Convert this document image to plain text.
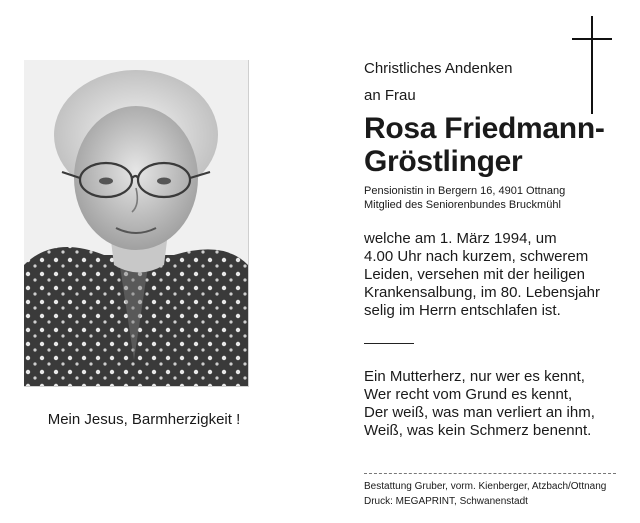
Mein Jesus, Barmherzigkeit !
Christliches Andenken
an Frau
Rosa Friedmann-Gröstlinger
Pensionistin in Bergern 16, 4901 Ottnang
Mitglied des Seniorenbundes Bruckmühl
welche am 1. März 1994, um
4.00 Uhr nach kurzem, schwerem
Leiden, versehen mit der heiligen
Krankensalbung, im 80. Lebensjahr
selig im Herrn entschlafen ist.
Ein Mutterherz, nur wer es kennt,
Wer recht vom Grund es kennt,
Der weiß, was man verliert an ihm,
Weiß, was kein Schmerz benennt.
Bestattung Gruber, vorm. Kienberger, Atzbach/Ottnang
Druck: MEGAPRINT, Schwanenstadt
